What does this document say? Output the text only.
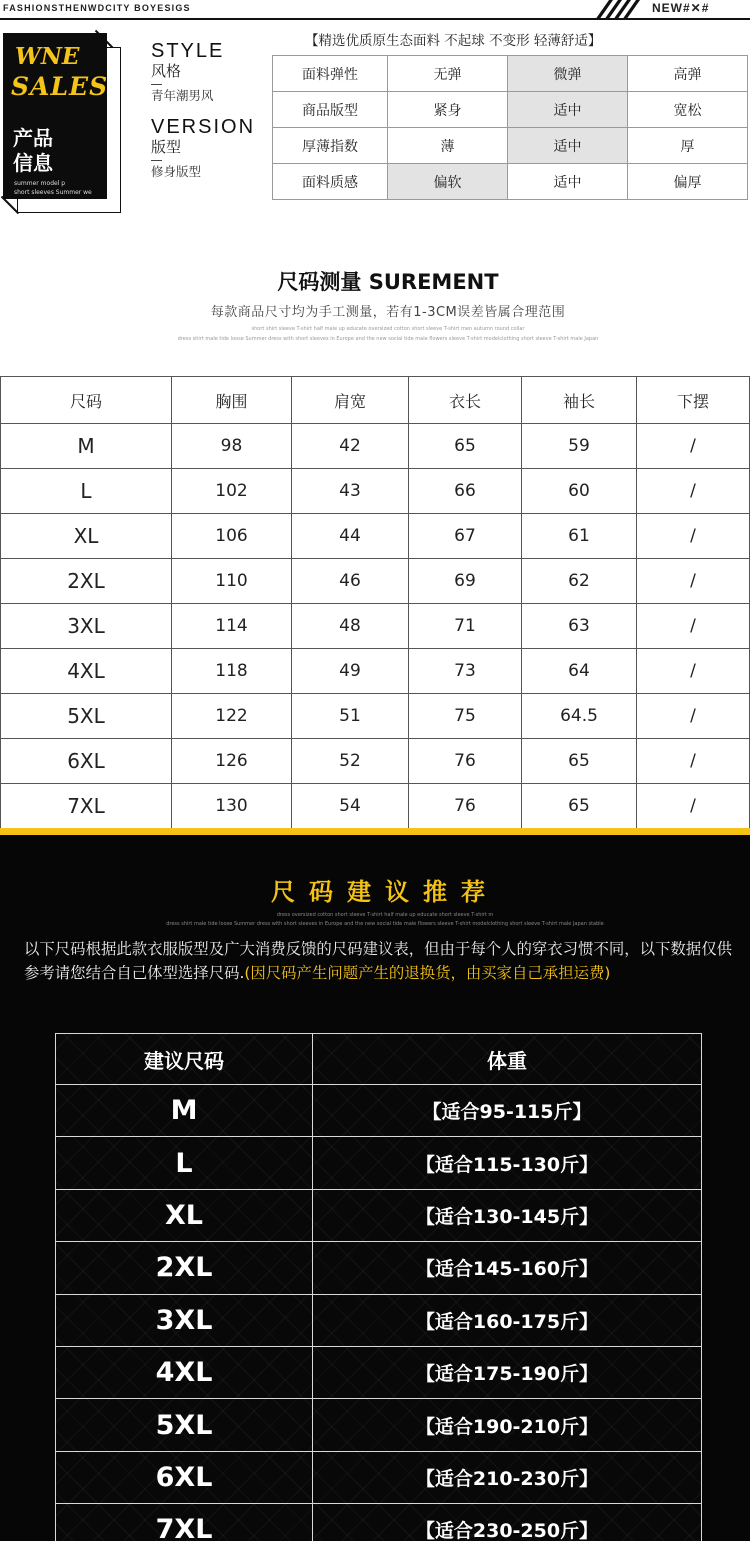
FASHIONSTHENWDCITY BOYESIGS	NEW#✕#
WNE
SALES
产品
信息
summer model p
short sleeves Summer we
STYLE
风格
青年潮男风
VERSION
版型
修身版型
【精选优质原生态面料 不起球 不变形 轻薄舒适】
面料弹性	无弹	微弹	高弹
商品版型	紧身	适中	宽松
厚薄指数	薄	适中	厚
面料质感	偏软	适中	偏厚
尺码测量 SUREMENT
每款商品尺寸均为手工测量，若有1-3CM误差皆属合理范围
short shirt sleeve T-shirt half male up educate oversized cotton short sleeve T-shirt men autumn round collar
dress shirt male tide loose Summer dress with short sleeves in Europe and the new social tide male flowers sleeve T-shirt modelclothing short sleeve T-shirt male Japan
尺码	胸围	肩宽	衣长	袖长	下摆
M	98	42	65	59	/
L	102	43	66	60	/
XL	106	44	67	61	/
2XL	110	46	69	62	/
3XL	114	48	71	63	/
4XL	118	49	73	64	/
5XL	122	51	75	64.5	/
6XL	126	52	76	65	/
7XL	130	54	76	65	/
尺码建议推荐
dress oversized cotton short sleeve T-shirt half male up educate short sleeve T-shirt m
dress shirt male tide loose Summer dress with short sleeves in Europe and the new social tide male flowers sleeve T-shirt modelclothing short sleeve T-shirt male Japan stable
以下尺码根据此款衣服版型及广大消费反馈的尺码建议表，但由于每个人的穿衣习惯不同，以下数据仅供参考请您结合自己体型选择尺码.(因尺码产生问题产生的退换货，由买家自己承担运费)
建议尺码	体重
M	【适合95-115斤】
L	【适合115-130斤】
XL	【适合130-145斤】
2XL	【适合145-160斤】
3XL	【适合160-175斤】
4XL	【适合175-190斤】
5XL	【适合190-210斤】
6XL	【适合210-230斤】
7XL	【适合230-250斤】
